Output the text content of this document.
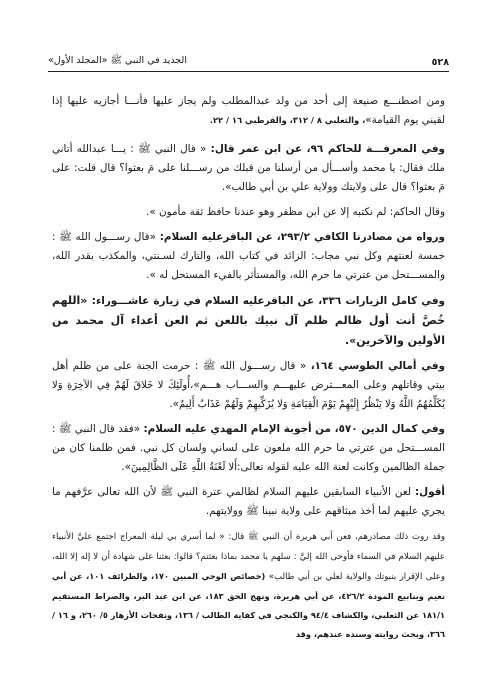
٥٢٨
الجديد في النبي ﷺ «المجلد الأول»

ومن اصطنـــع صنيعة إلى أحد من ولد عبدالمطلب ولم يجاز عليها فأنـــا أجازيه عليها إذا لقيني يوم القيامة»، والثعلبي ٨ / ٣١٢، والقرطبي ١٦ / ٢٢.

وفي المعرفـــة للحاكم ٩٦، عن ابن عمر قال: « قال النبي ﷺ : يـــا عبدالله أتاني ملك فقال: يا محمد وأســـأل من أرسلنا من قبلك من رســـلنا على مَ بعثوا؟ قال قلت: على مَ بعثوا؟ قال على ولايتك وولاية علي بن أبي طالب».

وقال الحاكم: لم نكتبه إلا عن ابن مظفر وهو عندنا حافظ ثقة مأمون ».

ورواه من مصادرنا الكافي ٢٩٣/٢، عن الباقرعليه السلام: «قال رســـول الله ﷺ : خمسة لعنتهم وكل نبي مجاب: الزائد في كتاب الله، والتارك لسـنتي، والمكذب بقدر الله، والمســـتحل من عترتي ما حرم الله، والمستأثر بالفيء المستحل له ».

وفي كامل الزيارات ٣٣٦، عن الباقرعليه السلام في زيارة عاشـــوراء: «اللهم خُصَّ أنت أول ظالم ظلم آل نبيك باللعن ثم العن أعداء آل محمد من الأولين والآخرين».

وفي أمالي الطوسي ١٦٤، « قال رســـول الله ﷺ : حرمت الجنة على من ظلم أهل بيتي وقاتلهم وعلى المعـــترض عليهـــم والســـاب هـــم»،أُولَئِكَ لا خَلاقَ لَهُمْ فِي الآخِرَةِ وَلا يُكَلِّمُهُمُ اللَّهُ وَلا يَنْظُرُ إِلَيْهِمْ يَوْمَ الْقِيَامَةِ وَلا يُزَكِّيهِمْ وَلَهُمْ عَذَابٌ أَلِيمٌ».

وفي كمال الدين ٥٧٠، من أجوبة الإمام المهدي عليه السلام: «فقد قال النبي ﷺ : المســـتحل من عترتي ما حرم الله ملعون على لساني ولسان كل نبي. فمن ظلمنا كان من جملة الظالمين وكانت لعنة الله عليه لقوله تعالى:أَلا لَعْنَةُ اللَّهِ عَلَى الظَّالِمِينَ».

أقول: لعن الأنبياء السابقين عليهم السلام لظالمي عترة النبي ﷺ لأن الله تعالى عرَّفهم ما يجري عليهم لما أخذ ميثاقهم على ولاية نبينا ﷺ وولايتهم.

وقد روت ذلك مصادرهم، فعن أبي هريرة أن النبي ﷺ قال: « لما أسري بي ليلة المعراج اجتمع عليَّ الأنبياء عليهم السلام في السماء فأوحى الله إليَّ : سلهم يا محمد بماذا بعثتم؟ قالوا: بعثنا على شهادة أن لا إله إلا الله، وعلى الإقرار بنبوتك والولاية لعلي بن أبي طالب» (خصائص الوحي المبين ١٧٠، والطرائف ١٠١، عن أبي نعيم وينابيع المودة ٤٢٦/٢، عن أبي هريرة، ونهج الحق ١٨٣، عن ابن عبد البر، والصراط المستقيم ١٨١/١ عن الثعلبي، والكشاف ٩٤/٤ والكنجي في كفاية الطالب / ١٣٦، ونفحات الأزهار ٥/ ٢٦٠، و ١٦ / ٣٦٦، وبحث روايته وسنده عندهم، وقد
